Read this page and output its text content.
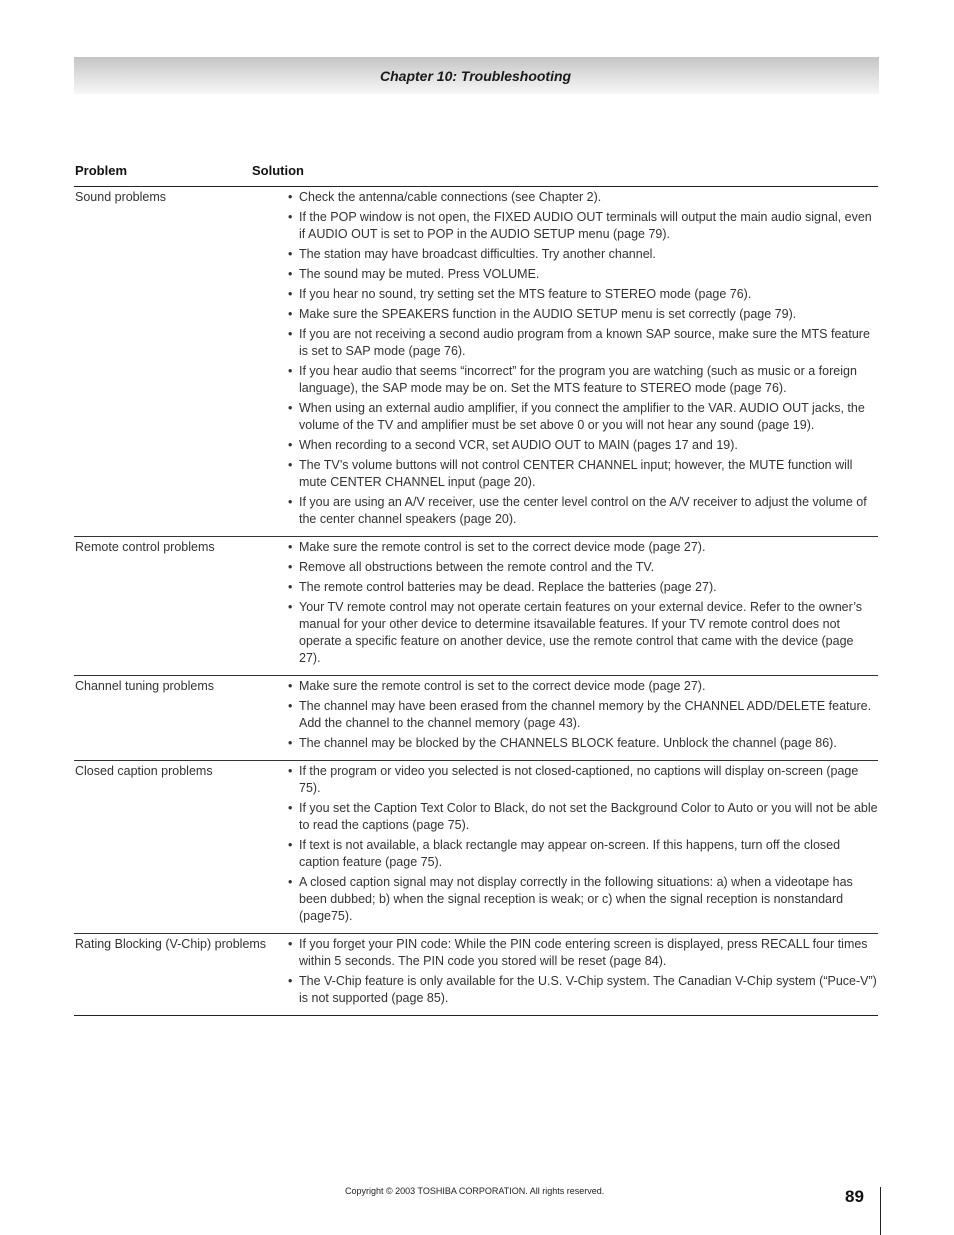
Chapter 10: Troubleshooting
Problem	Solution
Sound problems	• Check the antenna/cable connections (see Chapter 2).
• If the POP window is not open, the FIXED AUDIO OUT terminals will output the main audio signal, even if AUDIO OUT is set to POP in the AUDIO SETUP menu (page 79).
• The station may have broadcast difficulties. Try another channel.
• The sound may be muted. Press VOLUME.
• If you hear no sound, try setting set the MTS feature to STEREO mode (page 76).
• Make sure the SPEAKERS function in the AUDIO SETUP menu is set correctly (page 79).
• If you are not receiving a second audio program from a known SAP source, make sure the MTS feature is set to SAP mode (page 76).
• If you hear audio that seems “incorrect” for the program you are watching (such as music or a foreign language), the SAP mode may be on. Set the MTS feature to STEREO mode (page 76).
• When using an external audio amplifier, if you connect the amplifier to the VAR. AUDIO OUT jacks, the volume of the TV and amplifier must be set above 0 or you will not hear any sound (page 19).
• When recording to a second VCR, set AUDIO OUT to MAIN (pages 17 and 19).
• The TV’s volume buttons will not control CENTER CHANNEL input; however, the MUTE function will mute CENTER CHANNEL input (page 20).
• If you are using an A/V receiver, use the center level control on the A/V receiver to adjust the volume of the center channel speakers (page 20).
Remote control problems	• Make sure the remote control is set to the correct device mode (page 27).
• Remove all obstructions between the remote control and the TV.
• The remote control batteries may be dead. Replace the batteries (page 27).
• Your TV remote control may not operate certain features on your external device. Refer to the owner’s manual for your other device to determine itsavailable features. If your TV remote control does not operate a specific feature on another device, use the remote control that came with the device (page 27).
Channel tuning problems	• Make sure the remote control is set to the correct device mode (page 27).
• The channel may have been erased from the channel memory by the CHANNEL ADD/DELETE feature. Add the channel to the channel memory (page 43).
• The channel may be blocked by the CHANNELS BLOCK feature. Unblock the channel (page 86).
Closed caption problems	• If the program or video you selected is not closed-captioned, no captions will display on-screen (page 75).
• If you set the Caption Text Color to Black, do not set the Background Color to Auto or you will not be able to read the captions (page 75).
• If text is not available, a black rectangle may appear on-screen. If this happens, turn off the closed caption feature (page 75).
• A closed caption signal may not display correctly in the following situations: a) when a videotape has been dubbed; b) when the signal reception is weak; or c) when the signal reception is nonstandard (page75).
Rating Blocking (V-Chip) problems	• If you forget your PIN code: While the PIN code entering screen is displayed, press RECALL four times within 5 seconds. The PIN code you stored will be reset (page 84).
• The V-Chip feature is only available for the U.S. V-Chip system. The Canadian V-Chip system (“Puce-V”) is not supported (page 85).
Copyright © 2003 TOSHIBA CORPORATION. All rights reserved.	89
